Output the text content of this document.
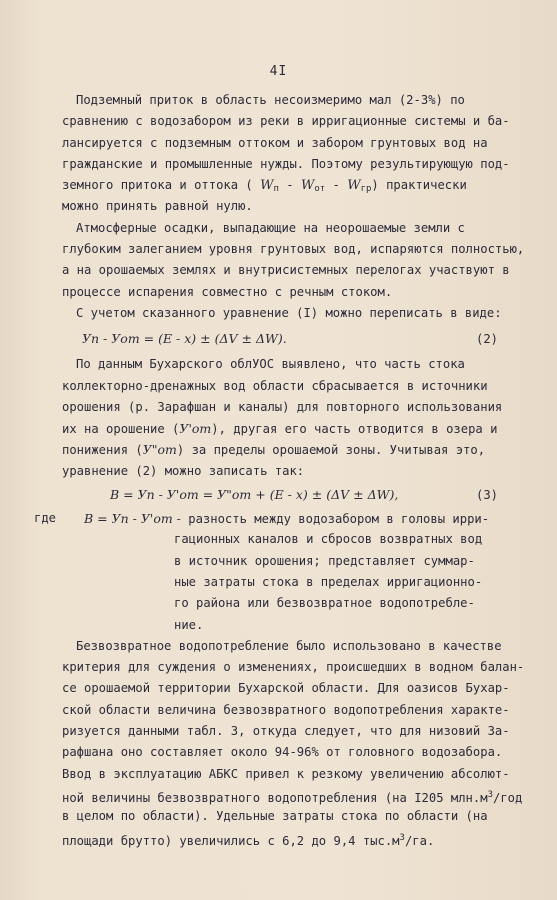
4I
Подземный приток в область несоизмеримо мал (2-3%) по
сравнению с водозабором из реки в ирригационные системы и ба-
лансируется с подземным оттоком и забором грунтовых вод на
гражданские и промышленные нужды. Поэтому результирующую под-
земного притока и оттока ( $W_п - W_{от} - W_{гр}$) практически
можно принять равной нулю.
Атмосферные осадки, выпадающие на неорошаемые земли с
глубоким залеганием уровня грунтовых вод, испаряются полностью,
а на орошаемых землях и внутрисистемных перелогах участвуют в
процессе испарения совместно с речным стоком.
С учетом сказанного уравнение (I) можно переписать в виде:
Уп - Уот = (Е - х) ± (ΔV ± ΔW).	(2)
По данным Бухарского облУОС выявлено, что часть стока
коллекторно-дренажных вод области сбрасывается в источники
орошения (р. Зарафшан и каналы) для повторного использования
их на орошение (У'от), другая его часть отводится в озера и
понижения (У"от) за пределы орошаемой зоны. Учитывая это,
уравнение (2) можно записать так:
В = Уп - У'от = У"от + (Е - х) ± (ΔV ± ΔW),	(3)
где В = Уп - У'от - разность между водозабором в головы ирри-
гационных каналов и сбросов возвратных вод
в источник орошения; представляет суммар-
ные затраты стока в пределах ирригационно-
го района или безвозвратное водопотребле-
ние.
Безвозвратное водопотребление было использовано в качестве
критерия для суждения о изменениях, происшедших в водном балан-
се орошаемой территории Бухарской области. Для оазисов Бухар-
ской области величина безвозвратного водопотребления характе-
ризуется данными табл. 3, откуда следует, что для низовий За-
рафшана оно составляет около 94-96% от головного водозабора.
Ввод в эксплуатацию АБКС привел к резкому увеличению абсолют-
ной величины безвозвратного водопотребления (на I205 $млн.м^3$/год
в целом по области). Удельные затраты стока по области (на
площади брутто) увеличились с 6,2 до 9,4 $тыс.м^3/га$.
